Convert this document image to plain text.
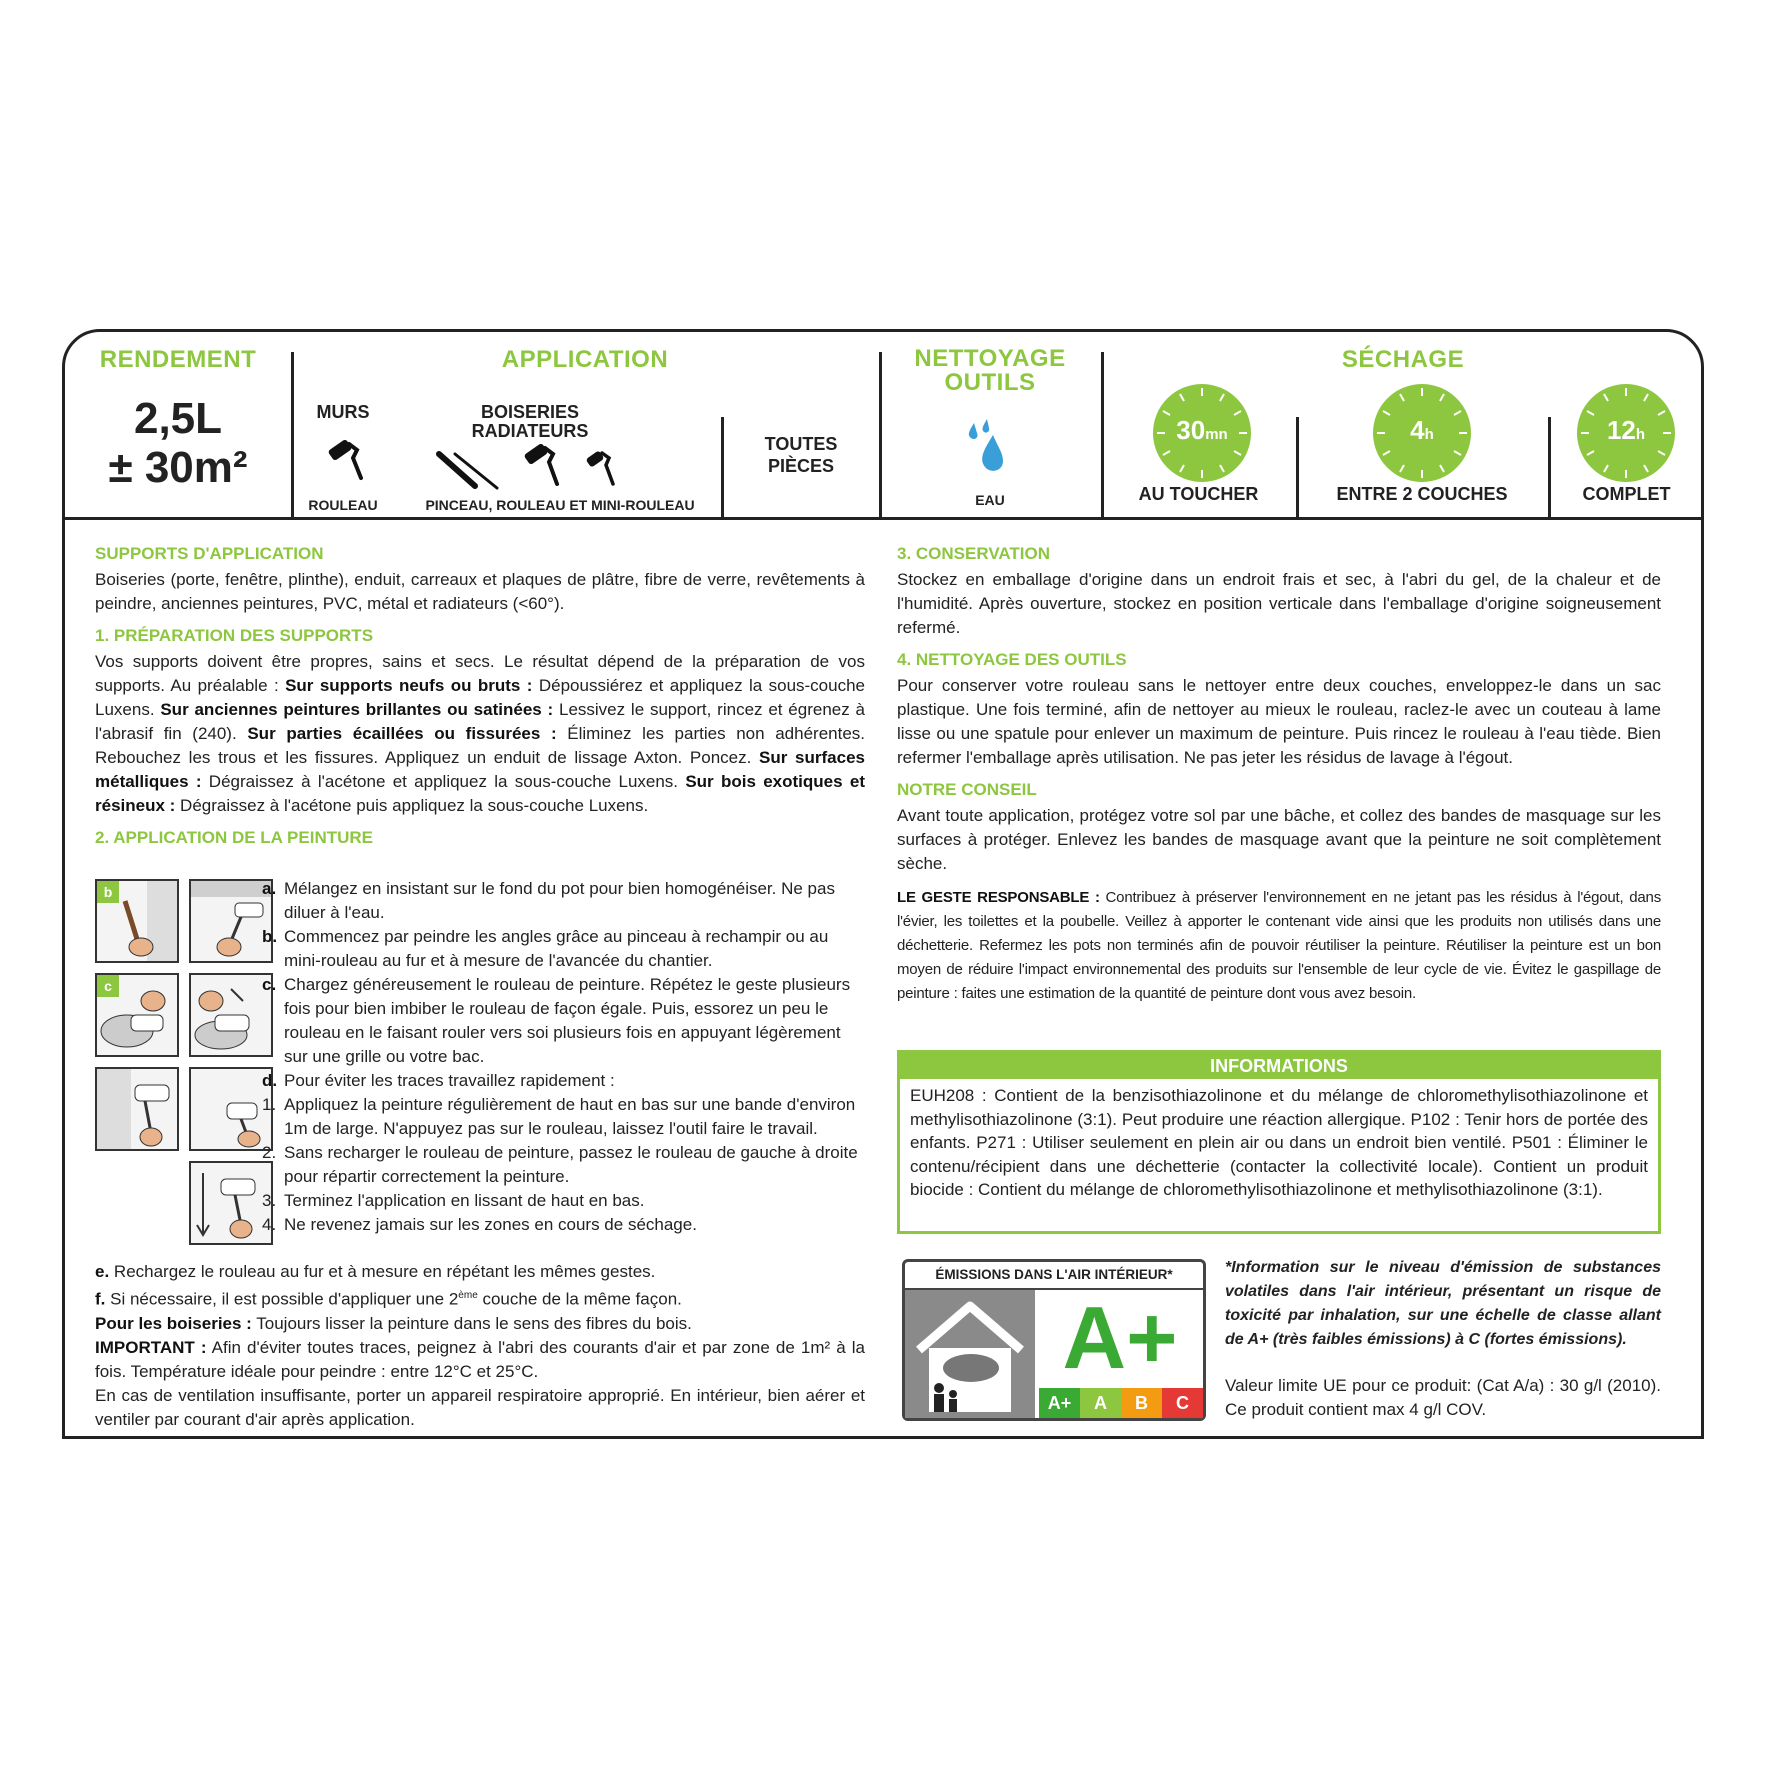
RENDEMENT
2,5L
± 30m²
APPLICATION
MURS
ROULEAU
BOISERIES
RADIATEURS
PINCEAU, ROULEAU ET MINI-ROULEAU
TOUTES
PIÈCES
NETTOYAGE
OUTILS
EAU
SÉCHAGE
30mn
AU TOUCHER
4h
ENTRE 2 COUCHES
12h
COMPLET
SUPPORTS D'APPLICATION

Boiseries (porte, fenêtre, plinthe), enduit, carreaux et plaques de plâtre, fibre de verre, revêtements à peindre, anciennes peintures, PVC, métal et radiateurs (<60°).

1. PRÉPARATION DES SUPPORTS

Vos supports doivent être propres, sains et secs. Le résultat dépend de la préparation de vos supports. Au préalable : Sur supports neufs ou bruts : Dépoussiérez et appliquez la sous-couche Luxens. Sur anciennes peintures brillantes ou satinées : Lessivez le support, rincez et égrenez à l'abrasif fin (240). Sur parties écaillées ou fissurées : Éliminez les parties non adhérentes. Rebouchez les trous et les fissures. Appliquez un enduit de lissage Axton. Poncez. Sur surfaces métalliques : Dégraissez à l'acétone et appliquez la sous-couche Luxens. Sur bois exotiques et résineux : Dégraissez à l'acétone puis appliquez la sous-couche Luxens.

2. APPLICATION DE LA PEINTURE
b
c
a. Mélangez en insistant sur le fond du pot pour bien homogénéiser. Ne pas diluer à l'eau.
b. Commencez par peindre les angles grâce au pinceau à rechampir ou au mini-rouleau au fur et à mesure de l'avancée du chantier.
c. Chargez généreusement le rouleau de peinture. Répétez le geste plusieurs fois pour bien imbiber le rouleau de façon égale. Puis, essorez un peu le rouleau en le faisant rouler vers soi plusieurs fois en appuyant légèrement sur une grille ou votre bac.
d. Pour éviter les traces travaillez rapidement :
1. Appliquez la peinture régulièrement de haut en bas sur une bande d'environ 1m de large. N'appuyez pas sur le rouleau, laissez l'outil faire le travail.
2. Sans recharger le rouleau de peinture, passez le rouleau de gauche à droite pour répartir correctement la peinture.
3. Terminez l'application en lissant de haut en bas.
4. Ne revenez jamais sur les zones en cours de séchage.

e. Rechargez le rouleau au fur et à mesure en répétant les mêmes gestes.

f. Si nécessaire, il est possible d'appliquer une 2ème couche de la même façon.

Pour les boiseries : Toujours lisser la peinture dans le sens des fibres du bois.

IMPORTANT : Afin d'éviter toutes traces, peignez à l'abri des courants d'air et par zone de 1m² à la fois. Température idéale pour peindre : entre 12°C et 25°C.

En cas de ventilation insuffisante, porter un appareil respiratoire approprié. En intérieur, bien aérer et ventiler par courant d'air après application.

3. CONSERVATION

Stockez en emballage d'origine dans un endroit frais et sec, à l'abri du gel, de la chaleur et de l'humidité. Après ouverture, stockez en position verticale dans l'emballage d'origine soigneusement refermé.

4. NETTOYAGE DES OUTILS

Pour conserver votre rouleau sans le nettoyer entre deux couches, enveloppez-le dans un sac plastique. Une fois terminé, afin de nettoyer au mieux le rouleau, raclez-le avec un couteau à lame lisse ou une spatule pour enlever un maximum de peinture. Puis rincez le rouleau à l'eau tiède. Bien refermer l'emballage après utilisation. Ne pas jeter les résidus de lavage à l'égout.

NOTRE CONSEIL

Avant toute application, protégez votre sol par une bâche, et collez des bandes de masquage sur les surfaces à protéger. Enlevez les bandes de masquage avant que la peinture ne soit complètement sèche.

LE GESTE RESPONSABLE : Contribuez à préserver l'environnement en ne jetant pas les résidus à l'égout, dans l'évier, les toilettes et la poubelle. Veillez à apporter le contenant vide ainsi que les produits non utilisés dans une déchetterie. Refermez les pots non terminés afin de pouvoir réutiliser la peinture. Réutiliser la peinture est un bon moyen de réduire l'impact environnemental des produits sur l'ensemble de leur cycle de vie. Évitez le gaspillage de peinture : faites une estimation de la quantité de peinture dont vous avez besoin.

INFORMATIONS
EUH208 : Contient de la benzisothiazolinone et du mélange de chloromethylisothiazolinone et methylisothiazolinone (3:1). Peut produire une réaction allergique. P102 : Tenir hors de portée des enfants. P271 : Utiliser seulement en plein air ou dans un endroit bien ventilé. P501 : Éliminer le contenu/récipient dans une déchetterie (contacter la collectivité locale). Contient un produit biocide : Contient du mélange de chloromethylisothiazolinone et methylisothiazolinone (3:1).
ÉMISSIONS DANS L'AIR INTÉRIEUR*
A+
A+	A	B	C
*Information sur le niveau d'émission de substances volatiles dans l'air intérieur, présentant un risque de toxicité par inhalation, sur une échelle de classe allant de A+ (très faibles émissions) à C (fortes émissions).
Valeur limite UE pour ce produit: (Cat A/a) : 30 g/l (2010). Ce produit contient max 4 g/l COV.
